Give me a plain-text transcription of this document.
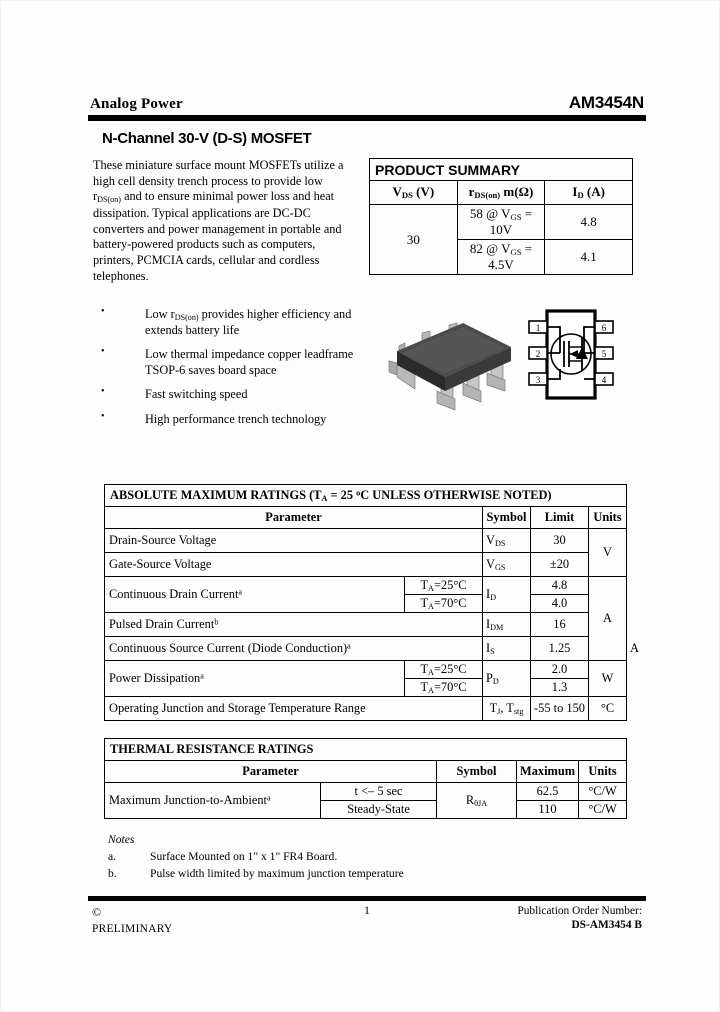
Analog Power	AM3454N
N-Channel 30-V (D-S) MOSFET

These miniature surface mount MOSFETs utilize a high cell density trench process to provide low $r_{DS(on)}$ and to ensure minimal power loss and heat dissipation. Typical applications are DC-DC converters and power management in portable and battery-powered products such as computers, printers, PCMCIA cards, cellular and cordless telephones.

PRODUCT SUMMARY		
$V_{DS}$ (V)	$r_{DS(on)}$ m(Ω)	$I_D$ (A)
30	58 @ $V_{GS} = 10V$	4.8
	82 @ $V_{GS} = 4.5V$	4.1
• Low $r_{DS(on)}$ provides higher efficiency and extends battery life
• Low thermal impedance copper leadframe TSOP-6 saves board space
• Fast switching speed
• High performance trench technology
1
2
3
6
5
4
ABSOLUTE MAXIMUM RATINGS ($T_A = 25$ $^o$C UNLESS OTHERWISE NOTED)					
Parameter		Symbol	Limit	Units	
Drain-Source Voltage		$V_{DS}$	30	V	
Gate-Source Voltage		$V_{GS}$	±20		
Continuous Drain Current$^a$	$T_A=25^\circ C$	$I_D$	4.8	A	
	$T_A=70^\circ C$		4.0		
Pulsed Drain Current$^b$		$I_{DM}$	16		
Continuous Source Current (Diode Conduction)$^a$		$I_S$	1.25		A
Power Dissipation$^a$	$T_A=25^\circ C$	$P_D$	2.0	W	
	$T_A=70^\circ C$		1.3		
Operating Junction and Storage Temperature Range		$T_J$, $T_{stg}$	-55 to 150	°C	
THERMAL RESISTANCE RATINGS				
Parameter		Symbol	Maximum	Units
Maximum Junction-to-Ambient$^a$	t <– 5 sec	$R_{\theta JA}$	62.5	°C/W
	Steady-State		110	°C/W
Notes
a.	Surface Mounted on 1" x 1" FR4 Board.
b.	Pulse width limited by maximum junction temperature
©
PRELIMINARY
1	Publication Order Number:
DS-AM3454 B
